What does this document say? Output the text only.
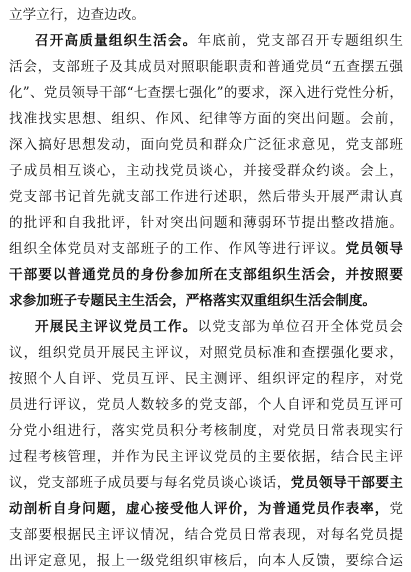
立学立行，边查边改。
召开高质量组织生活会。年底前，党支部召开专题组织生
活会，支部班子及其成员对照职能职责和普通党员“五查摆五强
化”、党员领导干部“七查摆七强化”的要求，深入进行党性分析，
找准找实思想、组织、作风、纪律等方面的突出问题。会前，
深入搞好思想发动，面向党员和群众广泛征求意见，党支部班
子成员相互谈心，主动找党员谈心，并接受群众约谈。会上，
党支部书记首先就支部工作进行述职，然后带头开展严肃认真
的批评和自我批评，针对突出问题和薄弱环节提出整改措施。
组织全体党员对支部班子的工作、作风等进行评议。党员领导
干部要以普通党员的身份参加所在支部组织生活会，并按照要
求参加班子专题民主生活会，严格落实双重组织生活会制度。
开展民主评议党员工作。以党支部为单位召开全体党员会
议，组织党员开展民主评议，对照党员标准和查摆强化要求，
按照个人自评、党员互评、民主测评、组织评定的程序，对党
员进行评议，党员人数较多的党支部，个人自评和党员互评可
分党小组进行，落实党员积分考核制度，对党员日常表现实行
过程考核管理，并作为民主评议党员的主要依据，结合民主评
议，党支部班子成员要与每名党员谈心谈话，党员领导干部要主
动剖析自身问题，虚心接受他人评价，为普通党员作表率，党
支部要根据民主评议情况，结合党员日常表现，对每名党员提
出评定意见，报上一级党组织审核后，向本人反馈，要综合运
